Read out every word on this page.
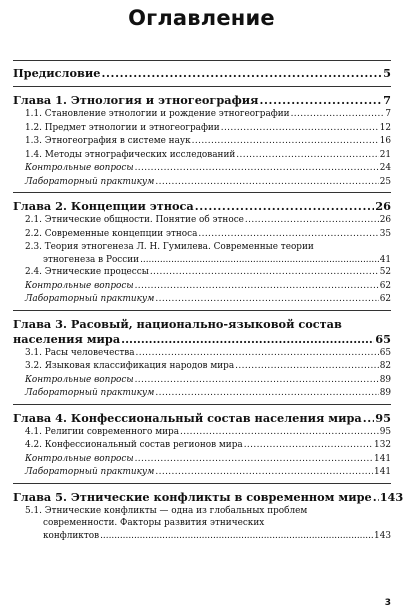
Оглавление
Предисловие .....	5
Глава 1. Этнология и этногеография .....	7
1.1. Становление этнологии и рождение этногеографии .....	7
1.2. Предмет этнологии и этногеографии .....	12
1.3. Этногеография в системе наук .....	16
1.4. Методы этнографических исследований .....	21
Контрольные вопросы .....	24
Лабораторный практикум .....	25
Глава 2. Концепции этноса .....	26
2.1. Этнические общности. Понятие об этносе .....	26
2.2. Современные концепции этноса .....	35
2.3. Теория этногенеза Л. Н. Гумилева. Современные теории
этногенеза в России .....	41
2.4. Этнические процессы .....	52
Контрольные вопросы .....	62
Лабораторный практикум .....	62
Глава 3. Расовый, национально-языковой состав
населения мира .....	65
3.1. Расы человечества .....	65
3.2. Языковая классификация народов мира .....	82
Контрольные вопросы .....	89
Лабораторный практикум .....	89
Глава 4. Конфессиональный состав населения мира ..... 95
4.1. Религии современного мира .....	95
4.2. Конфессиональный состав регионов мира .....	132
Контрольные вопросы .....	141
Лабораторный практикум .....	141
Глава 5. Этнические конфликты в современном мире ..... 143
5.1. Этнические конфликты — одна из глобальных проблем
современности. Факторы развития этнических
конфликтов .....	143
3
